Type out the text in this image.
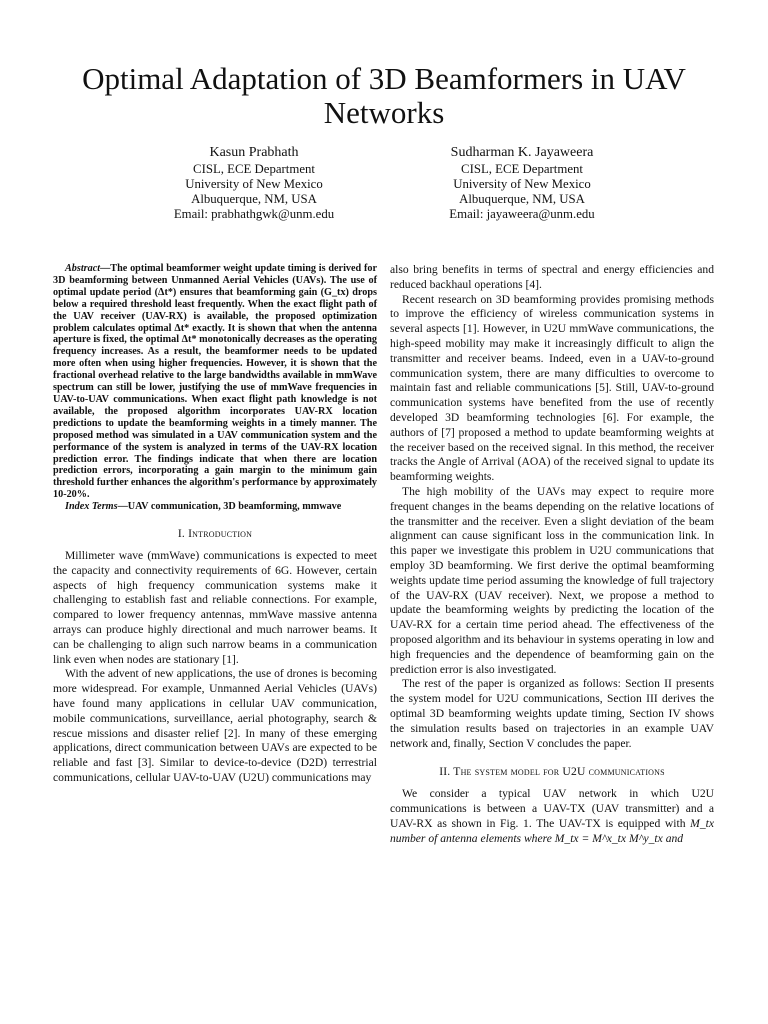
Optimal Adaptation of 3D Beamformers in UAV Networks
Kasun Prabhath
CISL, ECE Department
University of New Mexico
Albuquerque, NM, USA
Email: prabhathgwk@unm.edu
Sudharman K. Jayaweera
CISL, ECE Department
University of New Mexico
Albuquerque, NM, USA
Email: jayaweera@unm.edu

Abstract—The optimal beamformer weight update timing is derived for 3D beamforming between Unmanned Aerial Vehicles (UAVs). The use of optimal update period (Δt*) ensures that beamforming gain (G_tx) drops below a required threshold least frequently. When the exact flight path of the UAV receiver (UAV-RX) is available, the proposed optimization problem calculates optimal Δt* exactly. It is shown that when the antenna aperture is fixed, the optimal Δt* monotonically decreases as the operating frequency increases. As a result, the beamformer needs to be updated more often when using higher frequencies. However, it is shown that the fractional overhead relative to the large bandwidths available in mmWave spectrum can still be lower, justifying the use of mmWave frequencies in UAV-to-UAV communications. When exact flight path knowledge is not available, the proposed algorithm incorporates UAV-RX location predictions to update the beamforming weights in a timely manner. The proposed method was simulated in a UAV communication system and the performance of the system is analyzed in terms of the UAV-RX location prediction error. The findings indicate that when there are location prediction errors, incorporating a gain margin to the minimum gain threshold further enhances the algorithm's performance by approximately 10-20%.

Index Terms—UAV communication, 3D beamforming, mmwave

I. Introduction

Millimeter wave (mmWave) communications is expected to meet the capacity and connectivity requirements of 6G. However, certain aspects of high frequency communication systems make it challenging to establish fast and reliable connections. For example, compared to lower frequency antennas, mmWave massive antenna arrays can produce highly directional and much narrower beams. It can be challenging to align such narrow beams in a communication link even when nodes are stationary [1].

With the advent of new applications, the use of drones is becoming more widespread. For example, Unmanned Aerial Vehicles (UAVs) have found many applications in cellular UAV communication, mobile communications, surveillance, aerial photography, search & rescue missions and disaster relief [2]. In many of these emerging applications, direct communication between UAVs are expected to be reliable and fast [3]. Similar to device-to-device (D2D) terrestrial communications, cellular UAV-to-UAV (U2U) communications may

also bring benefits in terms of spectral and energy efficiencies and reduced backhaul operations [4].

Recent research on 3D beamforming provides promising methods to improve the efficiency of wireless communication systems in several aspects [1]. However, in U2U mmWave communications, the high-speed mobility may make it increasingly difficult to align the transmitter and receiver beams. Indeed, even in a UAV-to-ground communication system, there are many difficulties to overcome to maintain fast and reliable communications [5]. Still, UAV-to-ground communication systems have benefited from the use of recently developed 3D beamforming technologies [6]. For example, the authors of [7] proposed a method to update beamforming weights at the receiver based on the received signal. In this method, the receiver tracks the Angle of Arrival (AOA) of the received signal to update its beamforming weights.

The high mobility of the UAVs may expect to require more frequent changes in the beams depending on the relative locations of the transmitter and the receiver. Even a slight deviation of the beam alignment can cause significant loss in the communication link. In this paper we investigate this problem in U2U communications that employ 3D beamforming. We first derive the optimal beamforming weights update time period assuming the knowledge of full trajectory of the UAV-RX (UAV receiver). Next, we propose a method to update the beamforming weights by predicting the location of the UAV-RX for a certain time period ahead. The effectiveness of the proposed algorithm and its behaviour in systems operating in low and high frequencies and the dependence of beamforming gain on the prediction error is also investigated.

The rest of the paper is organized as follows: Section II presents the system model for U2U communications, Section III derives the optimal 3D beamforming weights update timing, Section IV shows the simulation results based on trajectories in an example UAV network and, finally, Section V concludes the paper.

II. The system model for U2U communications

We consider a typical UAV network in which U2U communications is between a UAV-TX (UAV transmitter) and a UAV-RX as shown in Fig. 1. The UAV-TX is equipped with M_tx number of antenna elements where M_tx = M^x_tx M^y_tx and
